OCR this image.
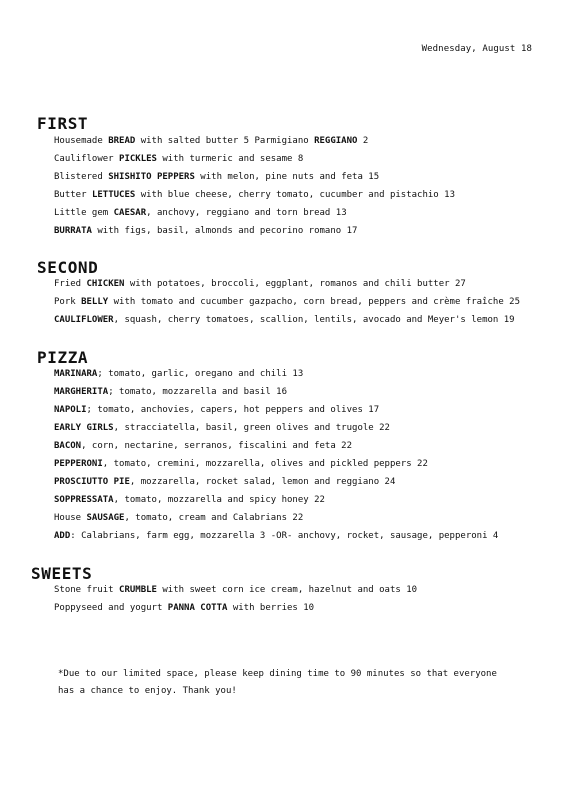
Wednesday, August 18
FIRST
Housemade BREAD with salted butter 5 Parmigiano REGGIANO 2
Cauliflower PICKLES with turmeric and sesame 8
Blistered SHISHITO PEPPERS with melon, pine nuts and feta 15
Butter LETTUCES with blue cheese, cherry tomato, cucumber and pistachio 13
Little gem CAESAR, anchovy, reggiano and torn bread 13
BURRATA with figs, basil, almonds and pecorino romano 17
SECOND
Fried CHICKEN with potatoes, broccoli, eggplant, romanos and chili butter 27
Pork BELLY with tomato and cucumber gazpacho, corn bread, peppers and crème fraîche 25
CAULIFLOWER, squash, cherry tomatoes, scallion, lentils, avocado and Meyer's lemon 19
PIZZA
MARINARA; tomato, garlic, oregano and chili 13
MARGHERITA; tomato, mozzarella and basil 16
NAPOLI; tomato, anchovies, capers, hot peppers and olives 17
EARLY GIRLS, stracciatella, basil, green olives and trugole 22
BACON, corn, nectarine, serranos, fiscalini and feta 22
PEPPERONI, tomato, cremini, mozzarella, olives and pickled peppers 22
PROSCIUTTO PIE, mozzarella, rocket salad, lemon and reggiano 24
SOPPRESSATA, tomato, mozzarella and spicy honey 22
House SAUSAGE, tomato, cream and Calabrians 22
ADD: Calabrians, farm egg, mozzarella 3 -OR- anchovy, rocket, sausage, pepperoni 4
SWEETS
Stone fruit CRUMBLE with sweet corn ice cream, hazelnut and oats 10
Poppyseed and yogurt PANNA COTTA with berries 10

*Due to our limited space, please keep dining time to 90 minutes so that everyone
has a chance to enjoy. Thank you!
